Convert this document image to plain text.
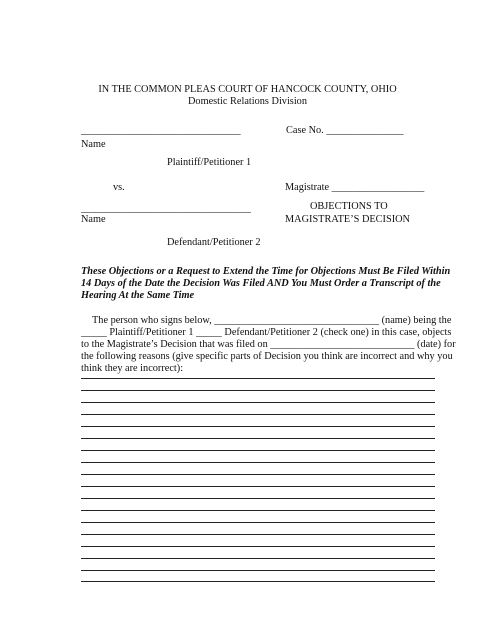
IN THE COMMON PLEAS COURT OF HANCOCK COUNTY, OHIO
Domestic Relations Division
_______________________________	Case No. _______________
Name
Plaintiff/Petitioner 1
vs.	Magistrate __________________
_________________________________	OBJECTIONS TO
Name	MAGISTRATE’S DECISION
Defendant/Petitioner 2
These Objections or a Request to Extend the Time for Objections Must Be Filed Within
14 Days of the Date the Decision Was Filed AND You Must Order a Transcript of the
Hearing At the Same Time
The person who signs below, ________________________________ (name) being the
_____ Plaintiff/Petitioner 1 _____ Defendant/Petitioner 2 (check one) in this case, objects
to the Magistrate’s Decision that was filed on ____________________________ (date) for
the following reasons (give specific parts of Decision you think are incorrect and why you
think they are incorrect):
